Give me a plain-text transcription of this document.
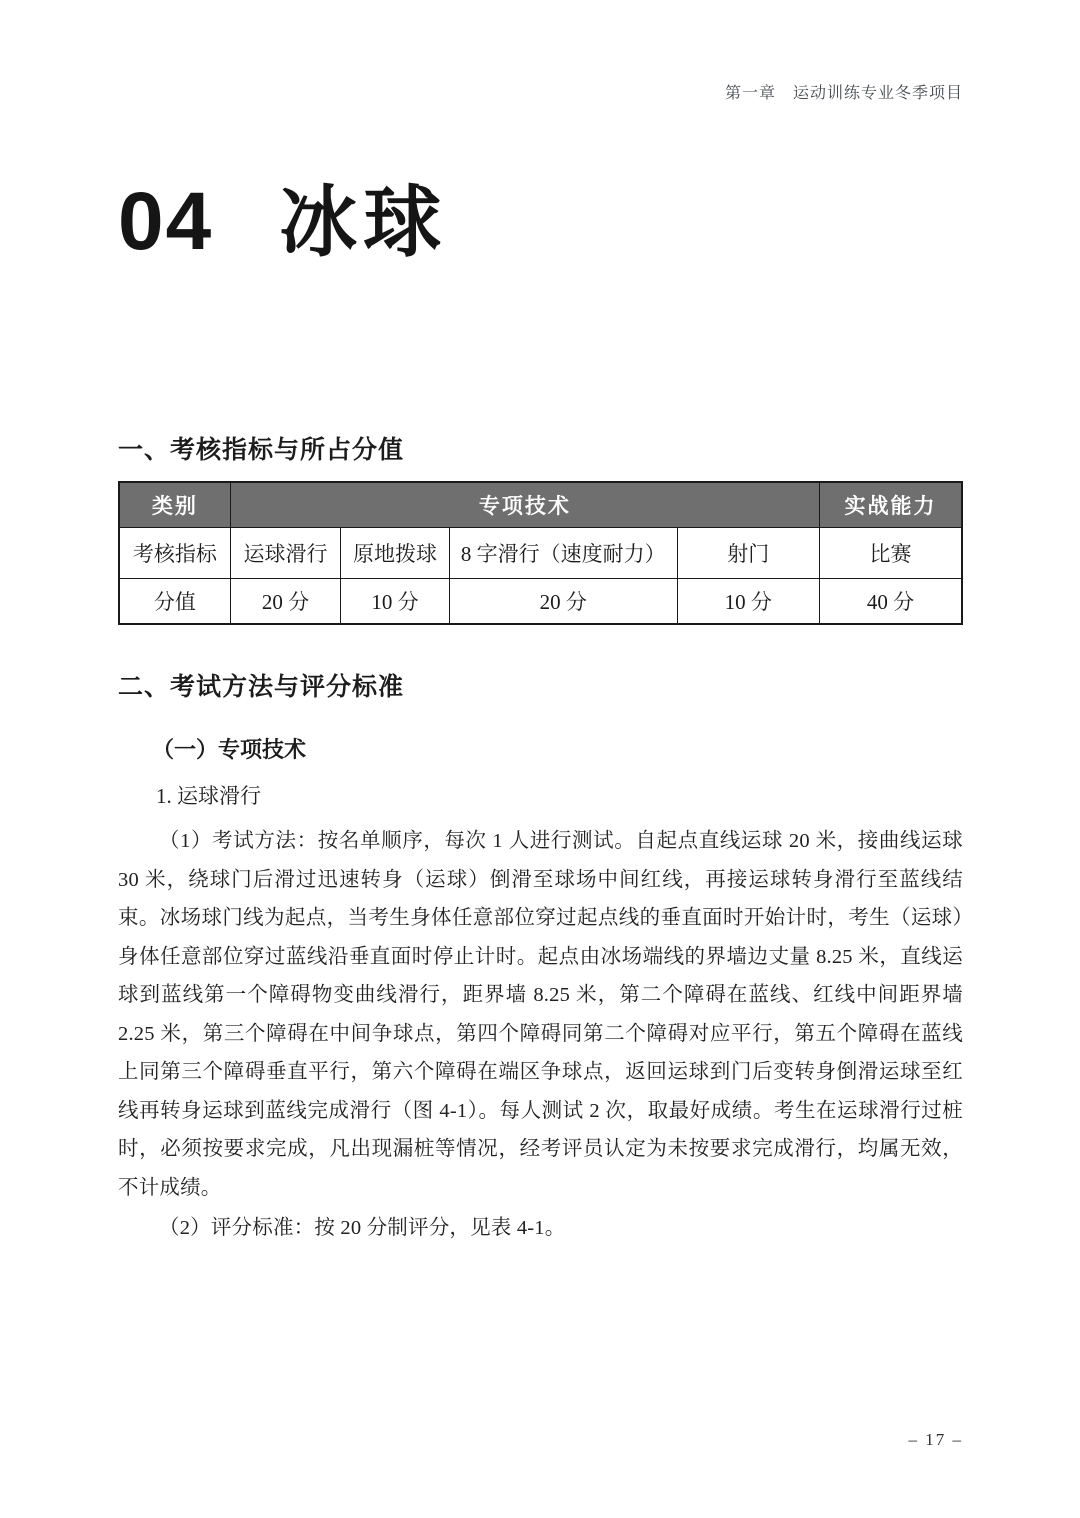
第一章　运动训练专业冬季项目
04 冰球
一、考核指标与所占分值
类别	专项技术				实战能力
考核指标	运球滑行	原地拨球	8 字滑行（速度耐力）	射门	比赛
分值	20 分	10 分	20 分	10 分	40 分
二、考试方法与评分标准
（一）专项技术
1. 运球滑行

（1）考试方法：按名单顺序，每次 1 人进行测试。自起点直线运球 20 米，接曲线运球 30 米，绕球门后滑过迅速转身（运球）倒滑至球场中间红线，再接运球转身滑行至蓝线结束。冰场球门线为起点，当考生身体任意部位穿过起点线的垂直面时开始计时，考生（运球）身体任意部位穿过蓝线沿垂直面时停止计时。起点由冰场端线的界墙边丈量 8.25 米，直线运球到蓝线第一个障碍物变曲线滑行，距界墙 8.25 米，第二个障碍在蓝线、红线中间距界墙 2.25 米，第三个障碍在中间争球点，第四个障碍同第二个障碍对应平行，第五个障碍在蓝线上同第三个障碍垂直平行，第六个障碍在端区争球点，返回运球到门后变转身倒滑运球至红线再转身运球到蓝线完成滑行（图 4-1）。每人测试 2 次，取最好成绩。考生在运球滑行过桩时，必须按要求完成，凡出现漏桩等情况，经考评员认定为未按要求完成滑行，均属无效，不计成绩。

（2）评分标准：按 20 分制评分，见表 4-1。

– 17 –
